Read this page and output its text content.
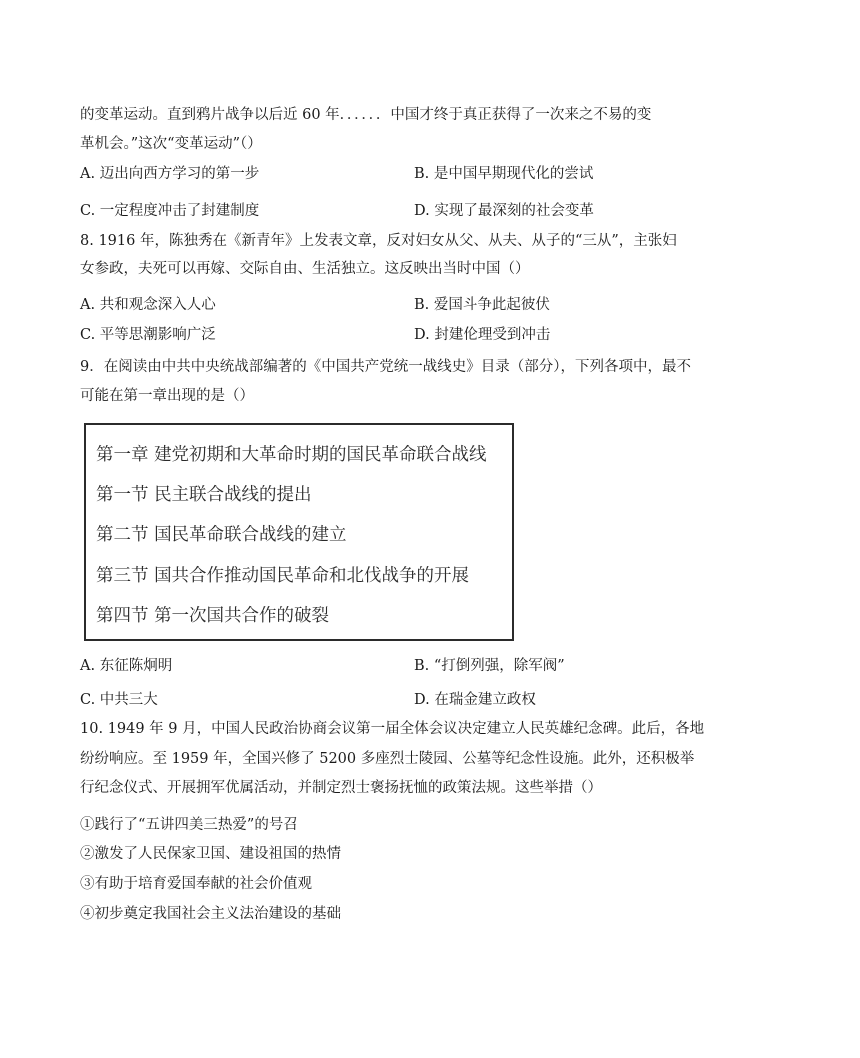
的变革运动。直到鸦片战争以后近 60 年．．．．．．中国才终于真正获得了一次来之不易的变
革机会。”这次“变革运动”（）
A. 迈出向西方学习的第一步	B. 是中国早期现代化的尝试
C. 一定程度冲击了封建制度	D. 实现了最深刻的社会变革
8. 1916 年，陈独秀在《新青年》上发表文章，反对妇女从父、从夫、从子的“三从”，主张妇
女参政，夫死可以再嫁、交际自由、生活独立。这反映出当时中国（）
A. 共和观念深入人心	B. 爱国斗争此起彼伏
C. 平等思潮影响广泛	D. 封建伦理受到冲击
9．在阅读由中共中央统战部编著的《中国共产党统一战线史》目录（部分），下列各项中，最不
可能在第一章出现的是（）
第一章 建党初期和大革命时期的国民革命联合战线
第一节 民主联合战线的提出
第二节 国民革命联合战线的建立
第三节 国共合作推动国民革命和北伐战争的开展
第四节 第一次国共合作的破裂
A. 东征陈炯明	B. “打倒列强，除军阀”
C. 中共三大	D. 在瑞金建立政权
10. 1949 年 9 月，中国人民政治协商会议第一届全体会议决定建立人民英雄纪念碑。此后，各地
纷纷响应。至 1959 年，全国兴修了 5200 多座烈士陵园、公墓等纪念性设施。此外，还积极举
行纪念仪式、开展拥军优属活动，并制定烈士褒扬抚恤的政策法规。这些举措（）
①践行了“五讲四美三热爱”的号召
②激发了人民保家卫国、建设祖国的热情
③有助于培育爱国奉献的社会价值观
④初步奠定我国社会主义法治建设的基础
